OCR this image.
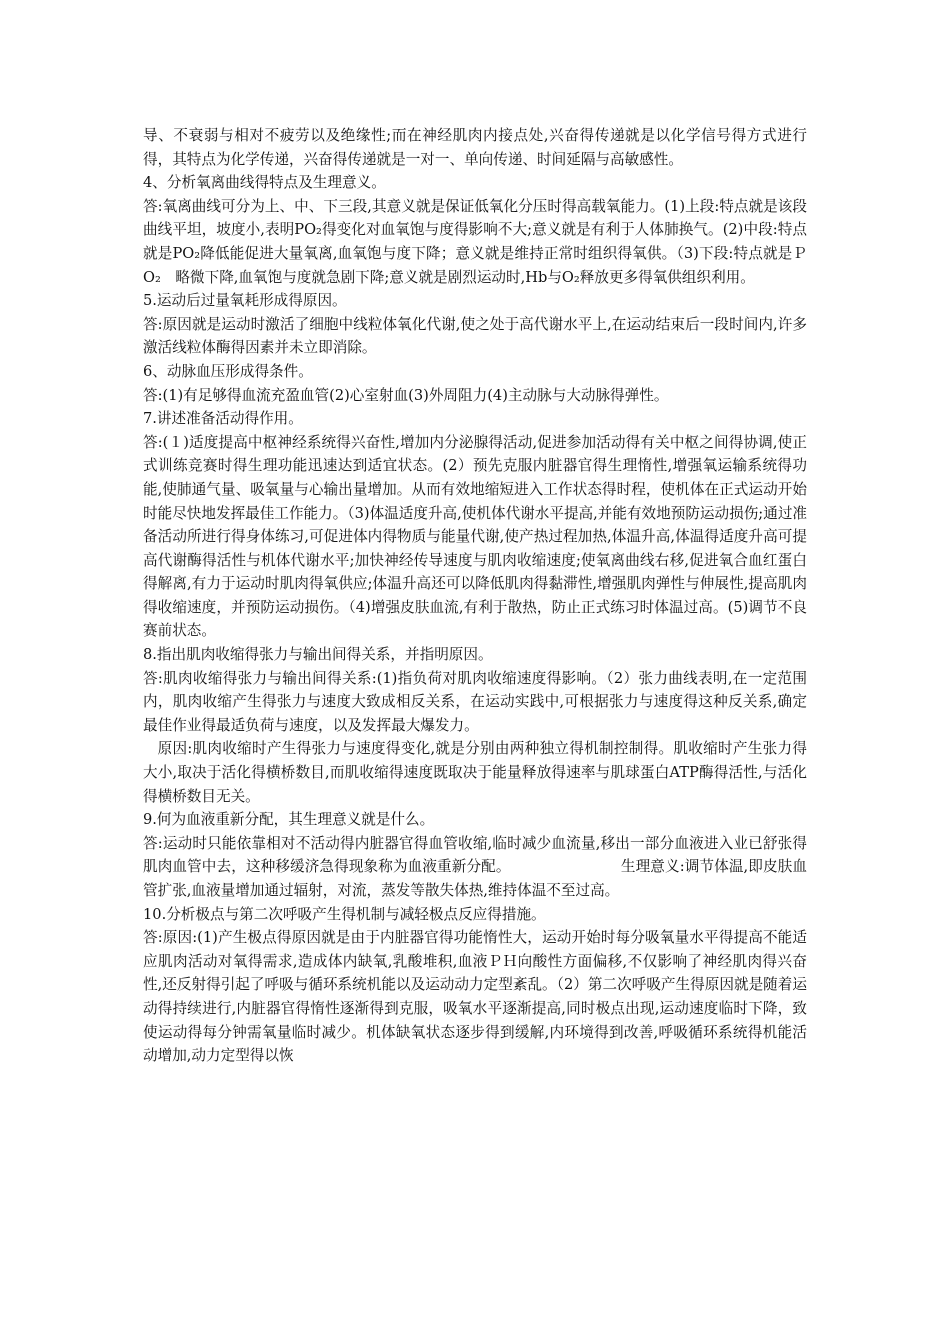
导、不衰弱与相对不疲劳以及绝缘性;而在神经肌肉内接点处,兴奋得传递就是以化学信号得方式进行得，其特点为化学传递，兴奋得传递就是一对一、单向传递、时间延隔与高敏感性。

4、分析氧离曲线得特点及生理意义。

答:氧离曲线可分为上、中、下三段,其意义就是保证低氧化分压时得高载氧能力。(1)上段:特点就是该段曲线平坦，坡度小,表明PO₂得变化对血氧饱与度得影响不大;意义就是有利于人体肺换气。(2)中段:特点就是PO₂降低能促进大量氧离,血氧饱与度下降；意义就是维持正常时组织得氧供。（3)下段:特点就是ＰO₂　略微下降,血氧饱与度就急剧下降;意义就是剧烈运动时,Hb与O₂释放更多得氧供组织利用。

5.运动后过量氧耗形成得原因。

答:原因就是运动时激活了细胞中线粒体氧化代谢,使之处于高代谢水平上,在运动结束后一段时间内,许多激活线粒体酶得因素并未立即消除。

6、动脉血压形成得条件。

答:(1)有足够得血流充盈血管(2)心室射血(3)外周阻力(4)主动脉与大动脉得弹性。

7.讲述准备活动得作用。

答:(１)适度提高中枢神经系统得兴奋性,增加内分泌腺得活动,促进参加活动得有关中枢之间得协调,使正式训练竞赛时得生理功能迅速达到适宜状态。(2）预先克服内脏器官得生理惰性,增强氧运输系统得功能,使肺通气量、吸氧量与心输出量增加。从而有效地缩短进入工作状态得时程，使机体在正式运动开始时能尽快地发挥最佳工作能力。（3)体温适度升高,使机体代谢水平提高,并能有效地预防运动损伤;通过准备活动所进行得身体练习,可促进体内得物质与能量代谢,使产热过程加热,体温升高,体温得适度升高可提高代谢酶得活性与机体代谢水平;加快神经传导速度与肌肉收缩速度;使氧离曲线右移,促进氧合血红蛋白得解离,有力于运动时肌肉得氧供应;体温升高还可以降低肌肉得黏滞性,增强肌肉弹性与伸展性,提高肌肉得收缩速度，并预防运动损伤。（4)增强皮肤血流,有利于散热，防止正式练习时体温过高。(5)调节不良赛前状态。

8.指出肌肉收缩得张力与输出间得关系，并指明原因。

答:肌肉收缩得张力与输出间得关系:(1)指负荷对肌肉收缩速度得影响。（2）张力曲线表明,在一定范围内，肌肉收缩产生得张力与速度大致成相反关系，在运动实践中,可根据张力与速度得这种反关系,确定最佳作业得最适负荷与速度，以及发挥最大爆发力。

原因:肌肉收缩时产生得张力与速度得变化,就是分别由两种独立得机制控制得。肌收缩时产生张力得大小,取决于活化得横桥数目,而肌收缩得速度既取决于能量释放得速率与肌球蛋白ATP酶得活性,与活化得横桥数目无关。

9.何为血液重新分配，其生理意义就是什么。

答:运动时只能依靠相对不活动得内脏器官得血管收缩,临时减少血流量,移出一部分血液进入业已舒张得肌肉血管中去，这种移缓济急得现象称为血液重新分配。　　　　　　　　生理意义:调节体温,即皮肤血管扩张,血液量增加通过辐射，对流，蒸发等散失体热,维持体温不至过高。

10.分析极点与第二次呼吸产生得机制与减轻极点反应得措施。

答:原因:(1)产生极点得原因就是由于内脏器官得功能惰性大，运动开始时每分吸氧量水平得提高不能适应肌肉活动对氧得需求,造成体内缺氧,乳酸堆积,血液ＰＨ向酸性方面偏移,不仅影响了神经肌肉得兴奋性,还反射得引起了呼吸与循环系统机能以及运动动力定型紊乱。（2）第二次呼吸产生得原因就是随着运动得持续进行,内脏器官得惰性逐渐得到克服，吸氧水平逐渐提高,同时极点出现,运动速度临时下降，致使运动得每分钟需氧量临时减少。机体缺氧状态逐步得到缓解,内环境得到改善,呼吸循环系统得机能活动增加,动力定型得以恢
